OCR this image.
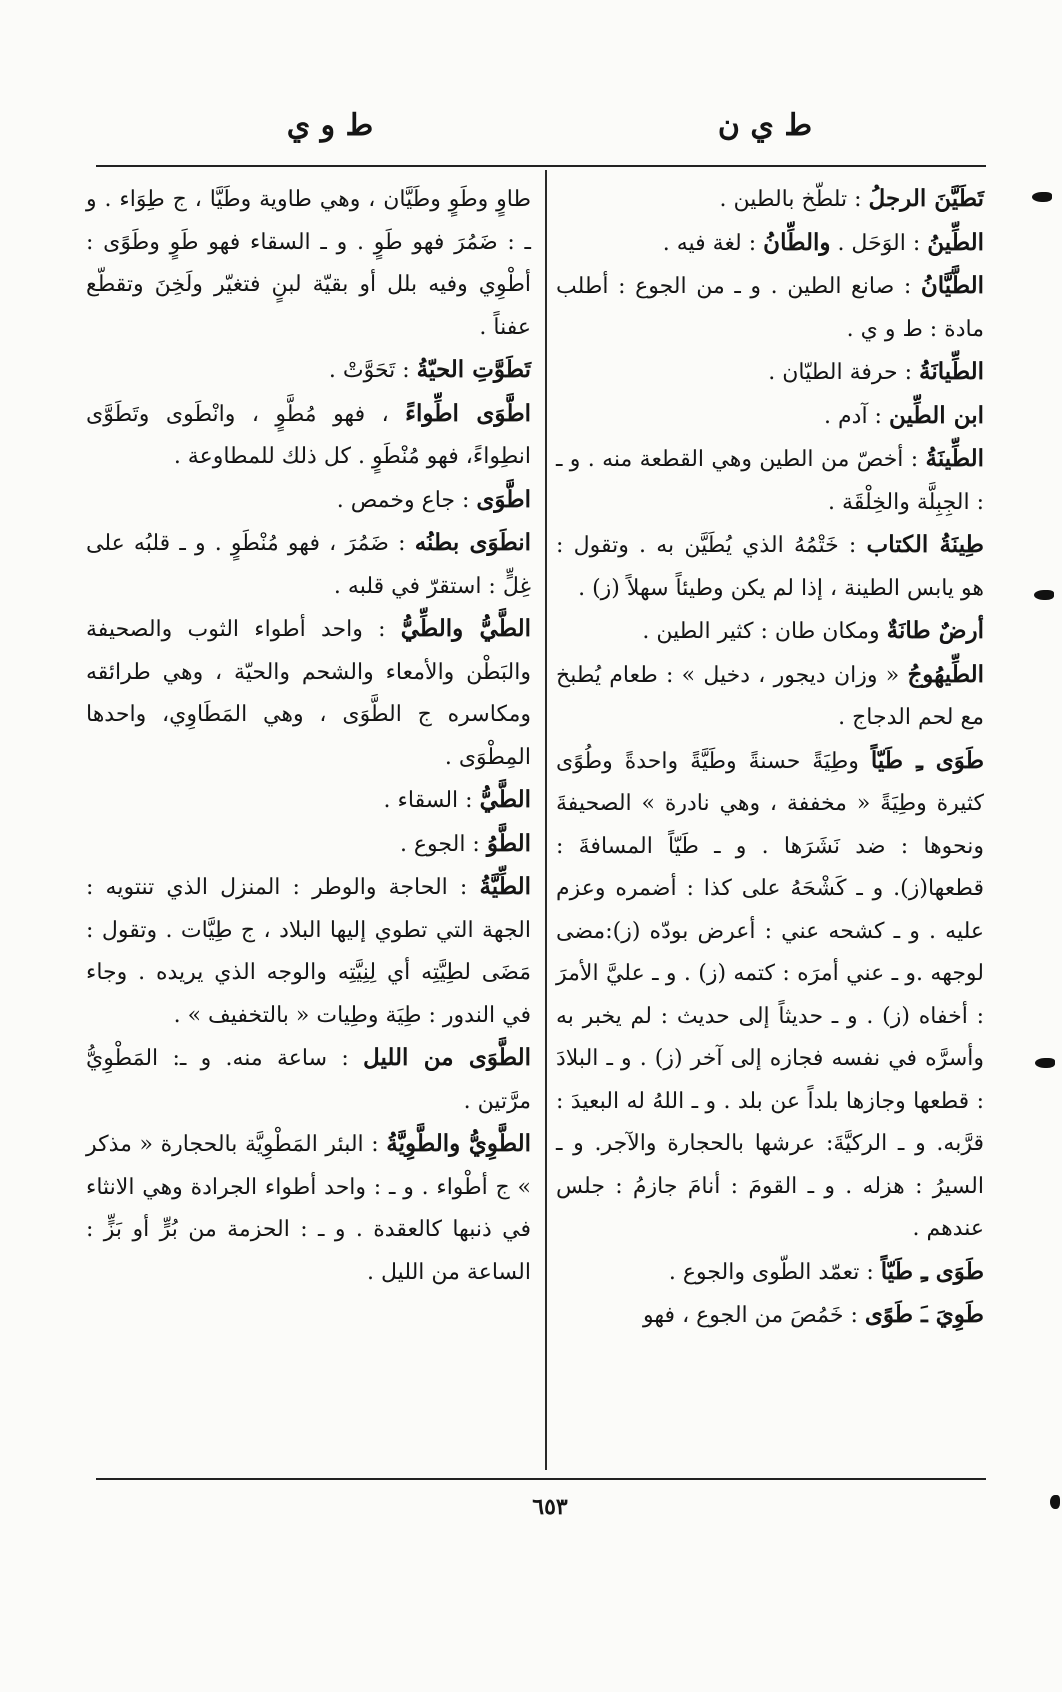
ط ي ن
ط و ي

تَطَيَّنَ الرجلُ : تلطّخ بالطين .

الطِّينُ : الوَحَل . والطِّانُ : لغة فيه .

الطَّيَّانُ : صانع الطين . و ـ من الجوع : أطلب مادة : ط و ي .

الطِّيانَةُ : حرفة الطيّان .

ابن الطِّين : آدم .

الطِّينَةُ : أخصّ من الطين وهي القطعة منه . و ـ : الجِبِلَّة والخِلْقَة .

طِينَةُ الكتاب : خَتْمُهُ الذي يُطَيَّن به . وتقول : هو يابس الطينة ، إذا لم يكن وطيئاً سهلاً (ز) .

أرضٌ طانَةٌ ومكان طان : كثير الطين .

الطِّيهُوجُ « وزان ديجور ، دخيل » : طعام يُطبخ مع لحم الدجاج .

طَوَى ـِ طَيّاً وطِيَةً حسنةً وطَيَّةً واحدةً وطُوًى كثيرة وطِيَةً « مخففة ، وهي نادرة » الصحيفةَ ونحوها : ضد نَشَرَها . و ـ طَيّاً المسافةَ : قطعها(ز). و ـ كَشْحَهُ على كذا : أضمره وعزم عليه . و ـ كشحه عني : أعرض بودّه (ز):مضى لوجهه .و ـ عني أمرَه : كتمه (ز) . و ـ عليَّ الأمرَ : أخفاه (ز) . و ـ حديثاً إلى حديث : لم يخبر به وأسرَّه في نفسه فجازه إلى آخر (ز) . و ـ البلادَ : قطعها وجازها بلداً عن بلد . و ـ اللهُ له البعيدَ : قرَّبه. و ـ الركيَّةَ: عرشها بالحجارة والآجر. و ـ السيرُ : هزله . و ـ القومَ : أنامَ جازمُ : جلس عندهم .

طَوَى ـِ طَيّاً : تعمّد الطّوى والجوع .

طَوِيَ ـَ طَوًى : خَمُصَ من الجوع ، فهو

طاوٍ وطَوٍ وطَيَّان ، وهي طاوية وطَيَّا ، ج طِوَاء . و ـ : ضَمُرَ فهو طَوٍ . و ـ السقاء فهو طَوٍ وطَوًى : أطْوِي وفيه بلل أو بقيّة لبنٍ فتغيّر ولَخِنَ وتقطّع عفناً .

تَطَوَّتِ الحيّةُ : تَحَوَّتْ .

اطَّوَى اطِّواءً ، فهو مُطَّوٍ ، وانْطَوى وتَطَوَّى انطِواءً، فهو مُنْطَوٍ . كل ذلك للمطاوعة .

اطَّوَى : جاع وخمص .

انطَوَى بطنُه : ضَمُرَ ، فهو مُنْطَوٍ . و ـ قلبُه على غِلٍّ : استقرّ في قلبه .

الطَّيُّ والطِّيُّ : واحد أطواء الثوب والصحيفة والبَطْن والأمعاء والشحم والحيّة ، وهي طرائقه ومكاسره ج الطَّوَى ، وهي المَطَاوِي، واحدها المِطْوَى .

الطَّيُّ : السقاء .

الطَّوُ : الجوع .

الطِّيَّةُ : الحاجة والوطر : المنزل الذي تنتويه : الجهة التي تطوي إليها البلاد ، ج طِيَّات . وتقول : مَضَى لطِيَّتِه أي لِنِيَّتِه والوجه الذي يريده . وجاء في الندور : طِيَة وطِيات « بالتخفيف » .

الطَّوَى من الليل : ساعة منه. و ـ: المَطْوِيُّ مرَّتين .

الطَّوِيُّ والطَّوِيَّةُ : البئر المَطْوِيَّة بالحجارة « مذكر » ج أطْواء . و ـ : واحد أطواء الجرادة وهي الانثاء في ذنبها كالعقدة . و ـ : الحزمة من بُرٍّ أو بَزٍّ : الساعة من الليل .

٦٥٣
